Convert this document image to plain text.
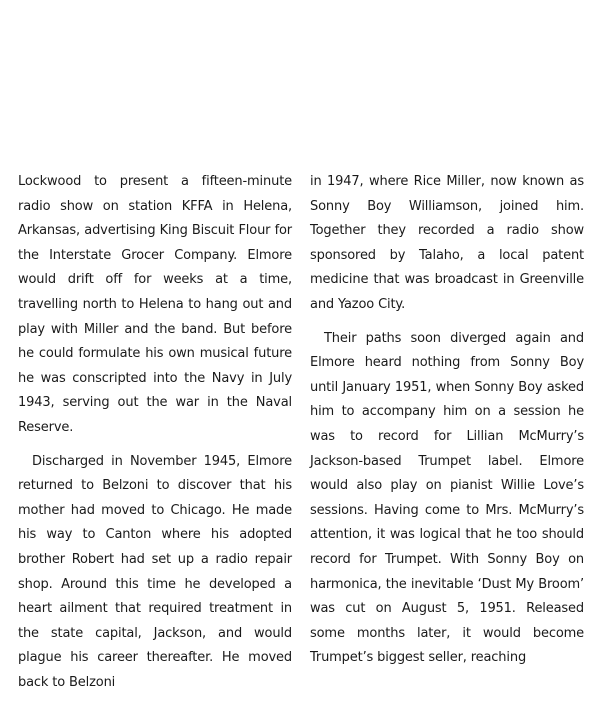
Lockwood to present a fifteen-minute radio show on station KFFA in Helena, Arkansas, advertising King Biscuit Flour for the Interstate Grocer Company. Elmore would drift off for weeks at a time, travelling north to Helena to hang out and play with Miller and the band. But before he could formulate his own musical future he was conscripted into the Navy in July 1943, serving out the war in the Naval Reserve.

Discharged in November 1945, Elmore returned to Belzoni to discover that his mother had moved to Chicago. He made his way to Canton where his adopted brother Robert had set up a radio repair shop. Around this time he developed a heart ailment that required treatment in the state capital, Jackson, and would plague his career thereafter. He moved back to Belzoni

in 1947, where Rice Miller, now known as Sonny Boy Williamson, joined him. Together they recorded a radio show sponsored by Talaho, a local patent medicine that was broadcast in Greenville and Yazoo City.

Their paths soon diverged again and Elmore heard nothing from Sonny Boy until January 1951, when Sonny Boy asked him to accompany him on a session he was to record for Lillian McMurry’s Jackson-based Trumpet label. Elmore would also play on pianist Willie Love’s sessions. Having come to Mrs. McMurry’s attention, it was logical that he too should record for Trumpet. With Sonny Boy on harmonica, the inevitable ‘Dust My Broom’ was cut on August 5, 1951. Released some months later, it would become Trumpet’s biggest seller, reaching
